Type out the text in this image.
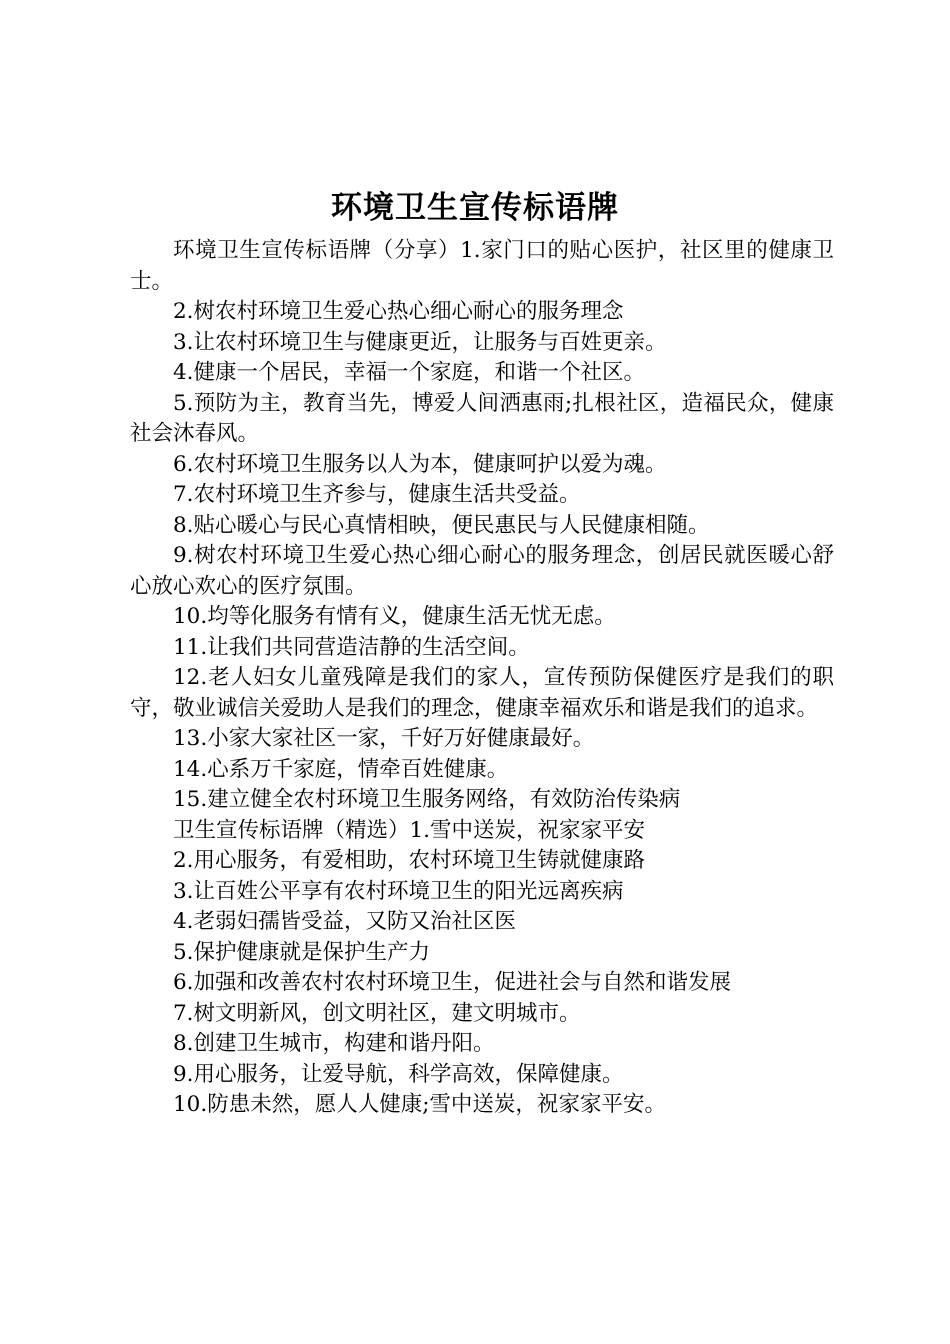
环境卫生宣传标语牌

环境卫生宣传标语牌（分享）1.家门口的贴心医护，社区里的健康卫士。

2.树农村环境卫生爱心热心细心耐心的服务理念

3.让农村环境卫生与健康更近，让服务与百姓更亲。

4.健康一个居民，幸福一个家庭，和谐一个社区。

5.预防为主，教育当先，博爱人间洒惠雨;扎根社区，造福民众，健康社会沐春风。

6.农村环境卫生服务以人为本，健康呵护以爱为魂。

7.农村环境卫生齐参与，健康生活共受益。

8.贴心暖心与民心真情相映，便民惠民与人民健康相随。

9.树农村环境卫生爱心热心细心耐心的服务理念，创居民就医暖心舒心放心欢心的医疗氛围。

10.均等化服务有情有义，健康生活无忧无虑。

11.让我们共同营造洁静的生活空间。

12.老人妇女儿童残障是我们的家人，宣传预防保健医疗是我们的职守，敬业诚信关爱助人是我们的理念，健康幸福欢乐和谐是我们的追求。

13.小家大家社区一家，千好万好健康最好。

14.心系万千家庭，情牵百姓健康。

15.建立健全农村环境卫生服务网络，有效防治传染病

卫生宣传标语牌（精选）1.雪中送炭，祝家家平安

2.用心服务，有爱相助，农村环境卫生铸就健康路

3.让百姓公平享有农村环境卫生的阳光远离疾病

4.老弱妇孺皆受益，又防又治社区医

5.保护健康就是保护生产力

6.加强和改善农村农村环境卫生，促进社会与自然和谐发展

7.树文明新风，创文明社区，建文明城市。

8.创建卫生城市，构建和谐丹阳。

9.用心服务，让爱导航，科学高效，保障健康。

10.防患未然，愿人人健康;雪中送炭，祝家家平安。
